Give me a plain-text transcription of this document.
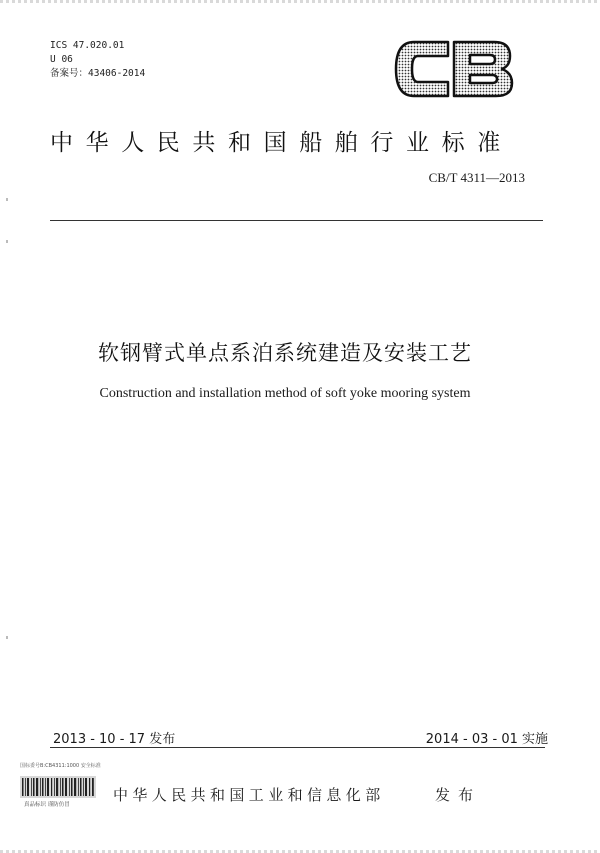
ICS 47.020.01
U 06
备案号：43406-2014
中华人民共和国船舶行业标准
CB/T 4311—2013
软钢臂式单点系泊系统建造及安装工艺
Construction and installation method of soft yoke mooring system
2013 - 10 - 17 发布	2014 - 03 - 01 实施
国标委号B:CB4311:1000 安全标准
真品标识 谨防仿冒
中华人民共和国工业和信息化部	发布
